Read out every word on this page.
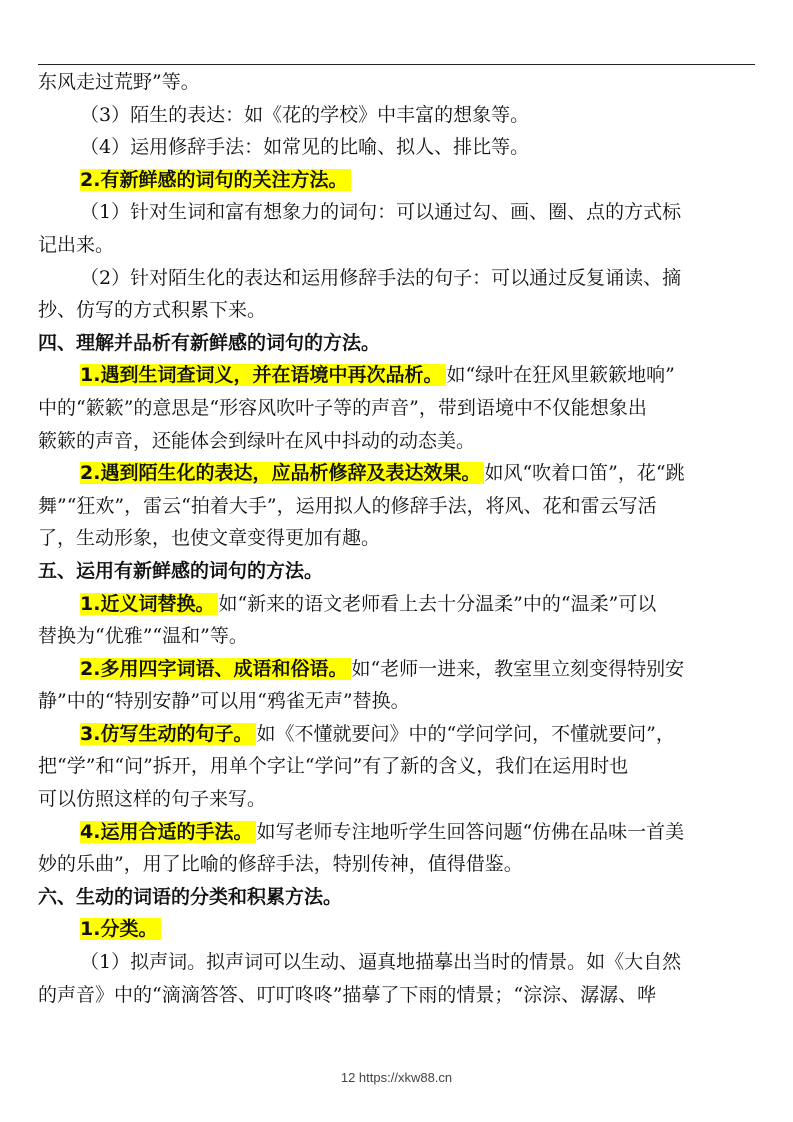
东风走过荒野”等。

（3）陌生的表达：如《花的学校》中丰富的想象等。

（4）运用修辞手法：如常见的比喻、拟人、排比等。

2.有新鲜感的词句的关注方法。

（1）针对生词和富有想象力的词句：可以通过勾、画、圈、点的方式标

记出来。

（2）针对陌生化的表达和运用修辞手法的句子：可以通过反复诵读、摘

抄、仿写的方式积累下来。

四、理解并品析有新鲜感的词句的方法。

1.遇到生词查词义，并在语境中再次品析。 如“绿叶在狂风里簌簌地响”

中的“簌簌”的意思是“形容风吹叶子等的声音”，带到语境中不仅能想象出

簌簌的声音，还能体会到绿叶在风中抖动的动态美。

2.遇到陌生化的表达，应品析修辞及表达效果。 如风“吹着口笛”，花“跳

舞”“狂欢”，雷云“拍着大手”，运用拟人的修辞手法，将风、花和雷云写活

了，生动形象，也使文章变得更加有趣。

五、运用有新鲜感的词句的方法。

1.近义词替换。 如“新来的语文老师看上去十分温柔”中的“温柔”可以

替换为“优雅”“温和”等。

2.多用四字词语、成语和俗语。 如“老师一进来，教室里立刻变得特别安

静”中的“特别安静”可以用“鸦雀无声”替换。

3.仿写生动的句子。 如《不懂就要问》中的“学问学问，不懂就要问”，

把“学”和“问”拆开，用单个字让“学问”有了新的含义，我们在运用时也

可以仿照这样的句子来写。

4.运用合适的手法。 如写老师专注地听学生回答问题“仿佛在品味一首美

妙的乐曲”，用了比喻的修辞手法，特别传神，值得借鉴。

六、生动的词语的分类和积累方法。

1.分类。

（1）拟声词。拟声词可以生动、逼真地描摹出当时的情景。如《大自然

的声音》中的“滴滴答答、叮叮咚咚”描摹了下雨的情景；“淙淙、潺潺、哗

12 https://xkw88.cn
